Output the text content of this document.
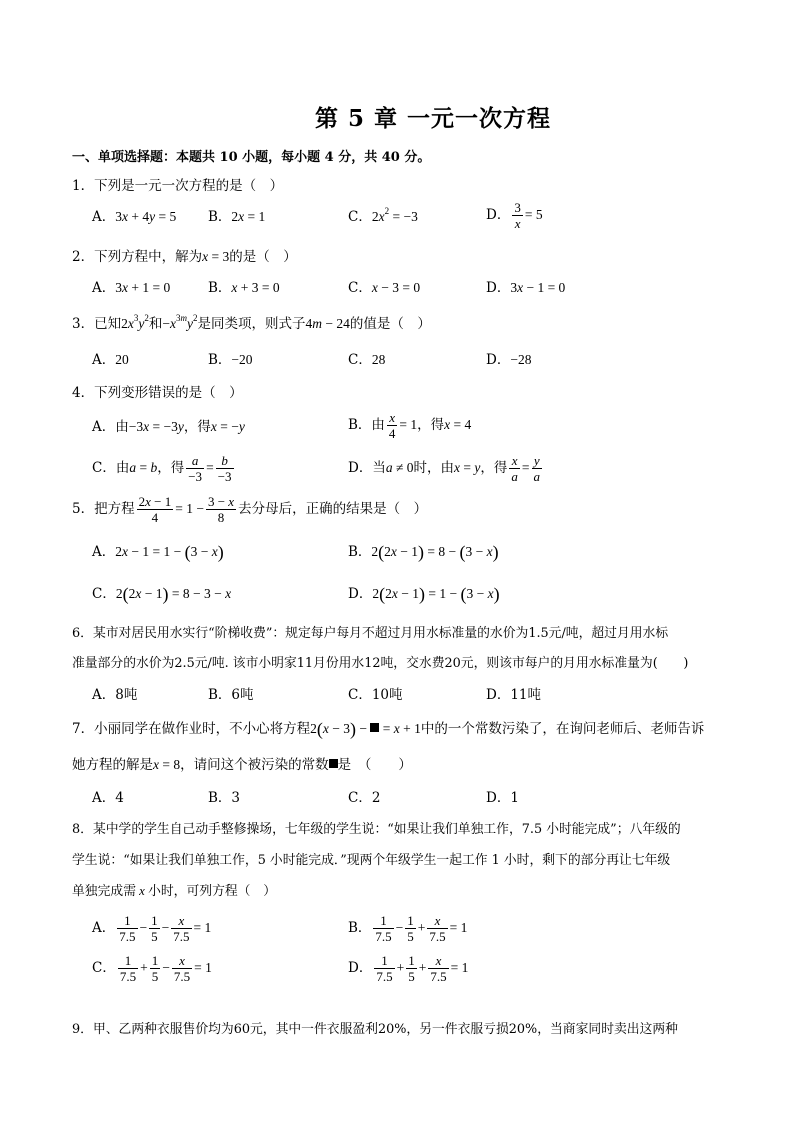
第 5 章 一元一次方程
一、单项选择题：本题共 10 小题，每小题 4 分，共 40 分。
1．下列是一元一次方程的是（　）
A．3x + 4y = 5 B．2x = 1	C．$2x^2 = -3$	D． $\frac{3}{x} = 5$
2．下列方程中，解为x = 3的是（　）
A．3x + 1 = 0	B．x + 3 = 0	C．x − 3 = 0	D．3x − 1 = 0
3．已知$2x^3y^2$和$-x^{3m}y^2$是同类项，则式子4m − 24的值是（　）
A．20	B．−20	C．28	D．−28
4．下列变形错误的是（　）
A．由−3x = −3y，得x = −y	B．由 $\frac{x}{4} = 1$，得x = 4
C．由a = b，得 $\frac{a}{-3} = \frac{b}{-3}$	D．当a ≠ 0时，由x = y，得 $\frac{x}{a} = \frac{y}{a}$
5．把方程 $\frac{2x - 1}{4} = 1 - \frac{3 - x}{8}$ 去分母后，正确的结果是（　）
A．2x − 1 = 1 − (3 − x)	B．2(2x − 1) = 8 − (3 − x)
C．2(2x − 1) = 8 − 3 − x	D．2(2x − 1) = 1 − (3 − x)
6．某市对居民用水实行“阶梯收费”：规定每户每月不超过月用水标准量的水价为1.5元/吨，超过月用水标
准量部分的水价为2.5元/吨. 该市小明家11月份用水12吨，交水费20元，则该市每户的月用水标准量为(　　)
A．8吨	B．6吨	C．10吨	D．11吨
7．小丽同学在做作业时，不小心将方程2(x − 3) −  = x + 1中的一个常数污染了，在询问老师后、老师告诉
她方程的解是x = 8，请问这个被污染的常数 是　（　　）
A．4	B．3	C．2	D．1
8．某中学的学生自己动手整修操场，七年级的学生说：“如果让我们单独工作，7.5 小时能完成”；八年级的
学生说：“如果让我们单独工作，5 小时能完成．”现两个年级学生一起工作 1 小时，剩下的部分再让七年级
单独完成需 x 小时，可列方程（　）
A． $\frac{1}{7.5} - \frac{1}{5} - \frac{x}{7.5} = 1$	B． $\frac{1}{7.5} - \frac{1}{5} + \frac{x}{7.5} = 1$
C． $\frac{1}{7.5} + \frac{1}{5} - \frac{x}{7.5} = 1$	D． $\frac{1}{7.5} + \frac{1}{5} + \frac{x}{7.5} = 1$
9．甲、乙两种衣服售价均为60元，其中一件衣服盈利20%，另一件衣服亏损20%，当商家同时卖出这两种
